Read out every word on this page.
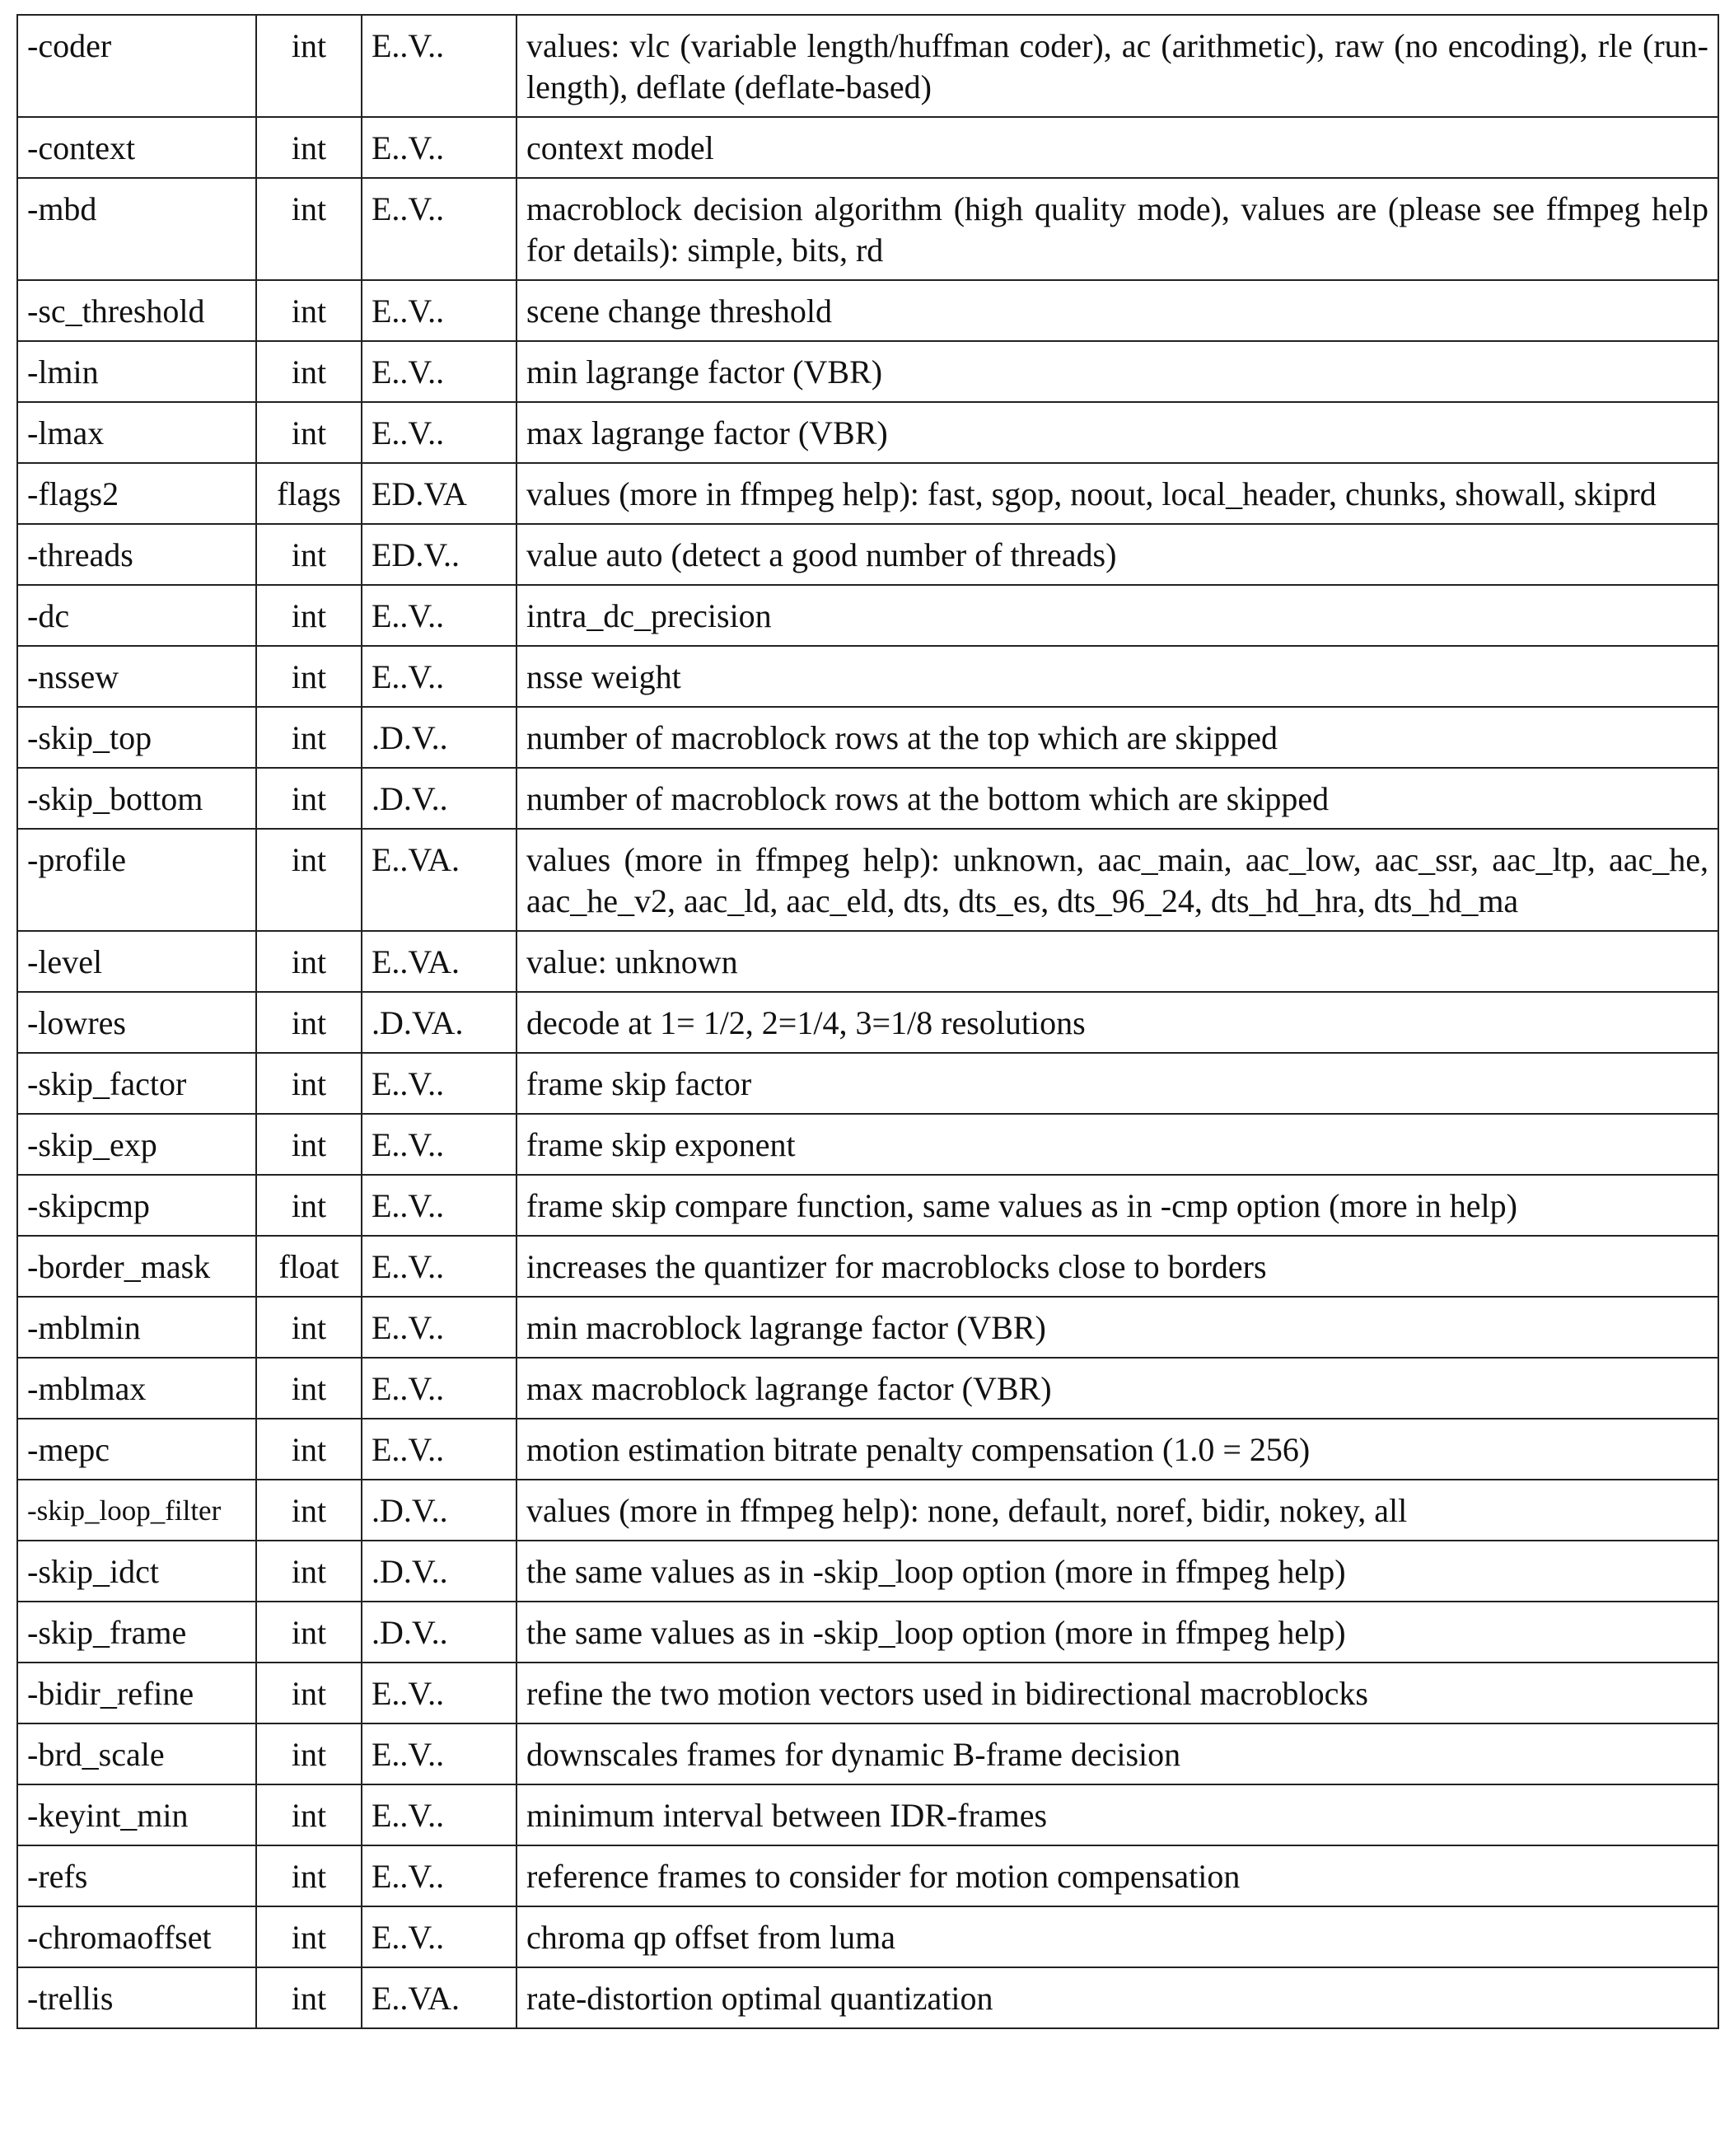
-coder	int	E..V..	values: vlc (variable length/huffman coder), ac (arithmetic), raw (no encoding), rle (run-length), deflate (deflate-based)
-context	int	E..V..	context model
-mbd	int	E..V..	macroblock decision algorithm (high quality mode), values are (please see ffmpeg help for details): simple, bits, rd
-sc_threshold	int	E..V..	scene change threshold
-lmin	int	E..V..	min lagrange factor (VBR)
-lmax	int	E..V..	max lagrange factor (VBR)
-flags2	flags	ED.VA	values (more in ffmpeg help): fast, sgop, noout, local_header, chunks, showall, skiprd
-threads	int	ED.V..	value auto (detect a good number of threads)
-dc	int	E..V..	intra_dc_precision
-nssew	int	E..V..	nsse weight
-skip_top	int	.D.V..	number of macroblock rows at the top which are skipped
-skip_bottom	int	.D.V..	number of macroblock rows at the bottom which are skipped
-profile	int	E..VA.	values (more in ffmpeg help): unknown, aac_main, aac_low, aac_ssr, aac_ltp, aac_he, aac_he_v2, aac_ld, aac_eld, dts, dts_es, dts_96_24, dts_hd_hra, dts_hd_ma
-level	int	E..VA.	value: unknown
-lowres	int	.D.VA.	decode at 1= 1/2, 2=1/4, 3=1/8 resolutions
-skip_factor	int	E..V..	frame skip factor
-skip_exp	int	E..V..	frame skip exponent
-skipcmp	int	E..V..	frame skip compare function, same values as in -cmp option (more in help)
-border_mask	float	E..V..	increases the quantizer for macroblocks close to borders
-mblmin	int	E..V..	min macroblock lagrange factor (VBR)
-mblmax	int	E..V..	max macroblock lagrange factor (VBR)
-mepc	int	E..V..	motion estimation bitrate penalty compensation (1.0 = 256)
-skip_loop_filter	int	.D.V..	values (more in ffmpeg help): none, default, noref, bidir, nokey, all
-skip_idct	int	.D.V..	the same values as in -skip_loop option (more in ffmpeg help)
-skip_frame	int	.D.V..	the same values as in -skip_loop option (more in ffmpeg help)
-bidir_refine	int	E..V..	refine the two motion vectors used in bidirectional macroblocks
-brd_scale	int	E..V..	downscales frames for dynamic B-frame decision
-keyint_min	int	E..V..	minimum interval between IDR-frames
-refs	int	E..V..	reference frames to consider for motion compensation
-chromaoffset	int	E..V..	chroma qp offset from luma
-trellis	int	E..VA.	rate-distortion optimal quantization
